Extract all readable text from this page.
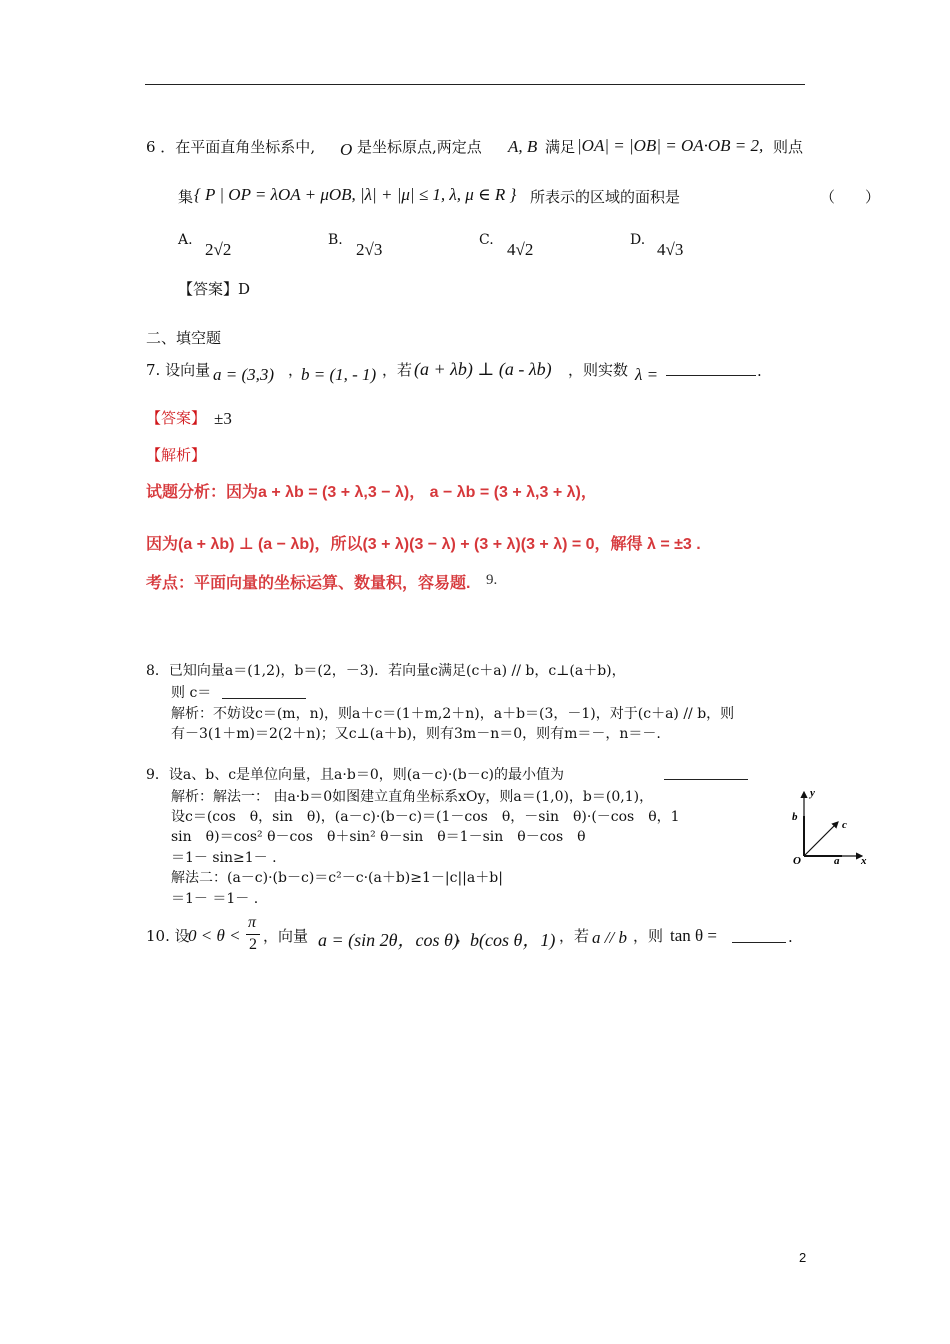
6 ．在平面直角坐标系中, O 是坐标原点,两定点 A, B 满足 |OA| = |OB| = OA·OB = 2, 则点
集 { P | OP = λOA + μOB, |λ| + |μ| ≤ 1, λ, μ ∈ R } 所表示的区域的面积是	（　　）
A. 2√2	B. 2√3	C. 4√2	D. 4√3
【答案】D
二、填空题
7. 设向量 a = (3,3) ，
b = (1, - 1) ，若 (a + λb) ⊥ (a - λb) ，则实数 λ =	.
【答案】 ±3
【解析】
试题分析：因为a + λb = (3 + λ,3 − λ)， a − λb = (3 + λ,3 + λ)，
因为(a + λb) ⊥ (a − λb)，所以(3 + λ)(3 − λ) + (3 + λ)(3 + λ) = 0，解得 λ = ±3 .
考点：平面向量的坐标运算、数量积，容易题. 9.
8．已知向量a＝(1,2)，b＝(2，－3)．若向量c满足(c＋a) // b，c⊥(a＋b)，
则 c＝
解析：不妨设c＝(m，n)，则a＋c＝(1＋m,2＋n)，a＋b＝(3，－1)，对于(c＋a) // b，则
有－3(1＋m)＝2(2＋n)；又c⊥(a＋b)，则有3m－n＝0，则有m＝－，n＝－.
9．设a、b、c是单位向量，且a·b＝0，则(a－c)·(b－c)的最小值为
解析：解法一： 由a·b＝0如图建立直角坐标系xOy，则a＝(1,0)，b＝(0,1)，
设c＝(cos　θ，sin　θ)，(a－c)·(b－c)＝(1－cos　θ，－sin　θ)·(－cos　θ，1
sin　θ)＝cos² θ－cos　θ＋sin² θ－sin　θ＝1－sin　θ－cos　θ
＝1－ sin≥1－ .
解法二：(a－c)·(b－c)＝c²－c·(a＋b)≥1－|c||a＋b|
＝1－ ＝1－ .
y
b
c
O	a x
10. 设
0 < θ <
π
2 ，向量 a = (sin 2θ，cos θ)
，
b(cos θ，1) ，若 a // b ，则 tan θ =	.
2
